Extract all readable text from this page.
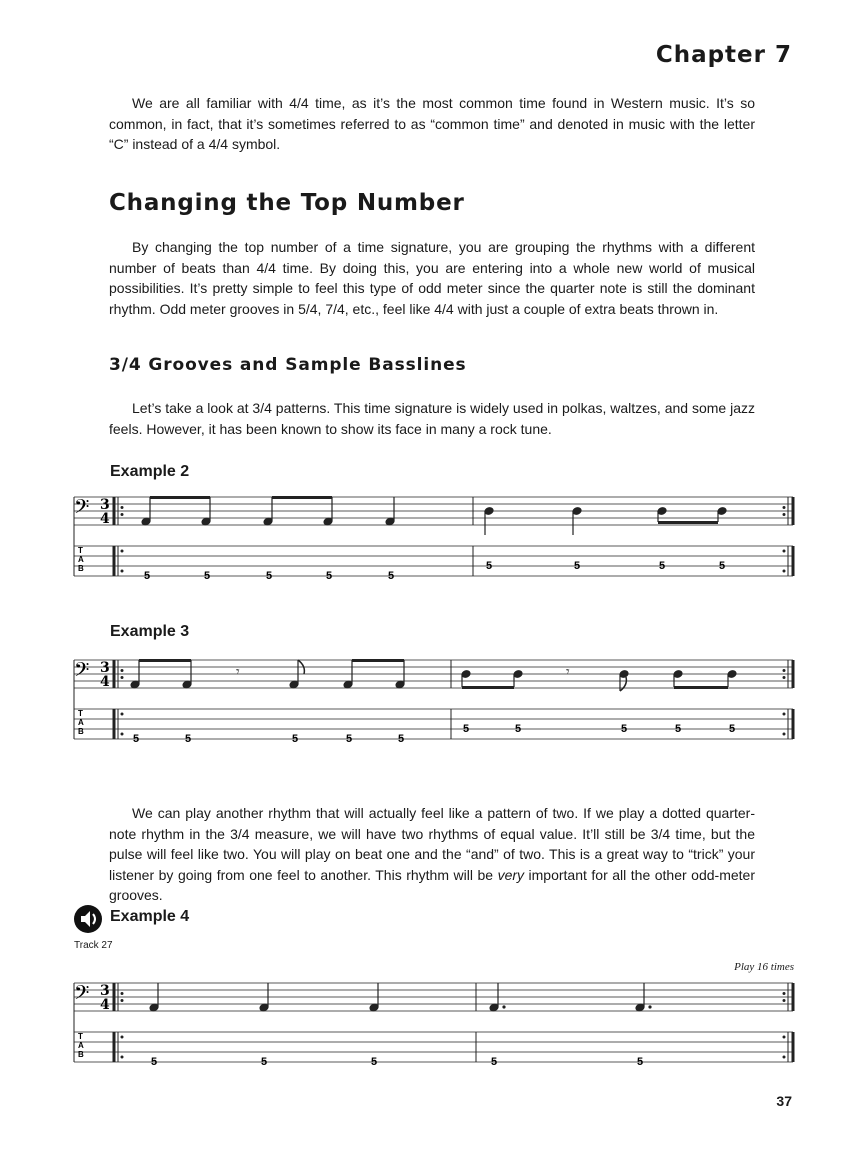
Chapter 7

We are all familiar with 4/4 time, as it’s the most common time found in Western music. It’s so common, in fact, that it’s sometimes referred to as “common time” and denoted in music with the letter “C” instead of a 4/4 symbol.

Changing the Top Number

By changing the top number of a time signature, you are grouping the rhythms with a different number of beats than 4/4 time. By doing this, you are entering into a whole new world of musical possibilities. It’s pretty simple to feel this type of odd meter since the quarter note is still the dominant rhythm. Odd meter grooves in 5/4, 7/4, etc., feel like 4/4 with just a couple of extra beats thrown in.

3/4 Grooves and Sample Basslines

Let’s take a look at 3/4 patterns. This time signature is widely used in polkas, waltzes, and some jazz feels. However, it has been known to show its face in many a rock tune.

Example 2
𝄢 3
4
T
A
B
5	5	5	5	5
5	5	5	5
Example 3
𝄢 3
4
T
A
B
𝄾	𝄾
5	5	5	5	5
5	5	5	5	5

We can play another rhythm that will actually feel like a pattern of two. If we play a dotted quarter-note rhythm in the 3/4 measure, we will have two rhythms of equal value. It’ll still be 3/4 time, but the pulse will feel like two. You will play on beat one and the “and” of two. This is a great way to “trick” your listener by going from one feel to another. This rhythm will be very important for all the other odd-meter grooves.

Example 4
Track 27
Play 16 times
𝄢 3
4
T
A
B
5	5	5	5	5
37
